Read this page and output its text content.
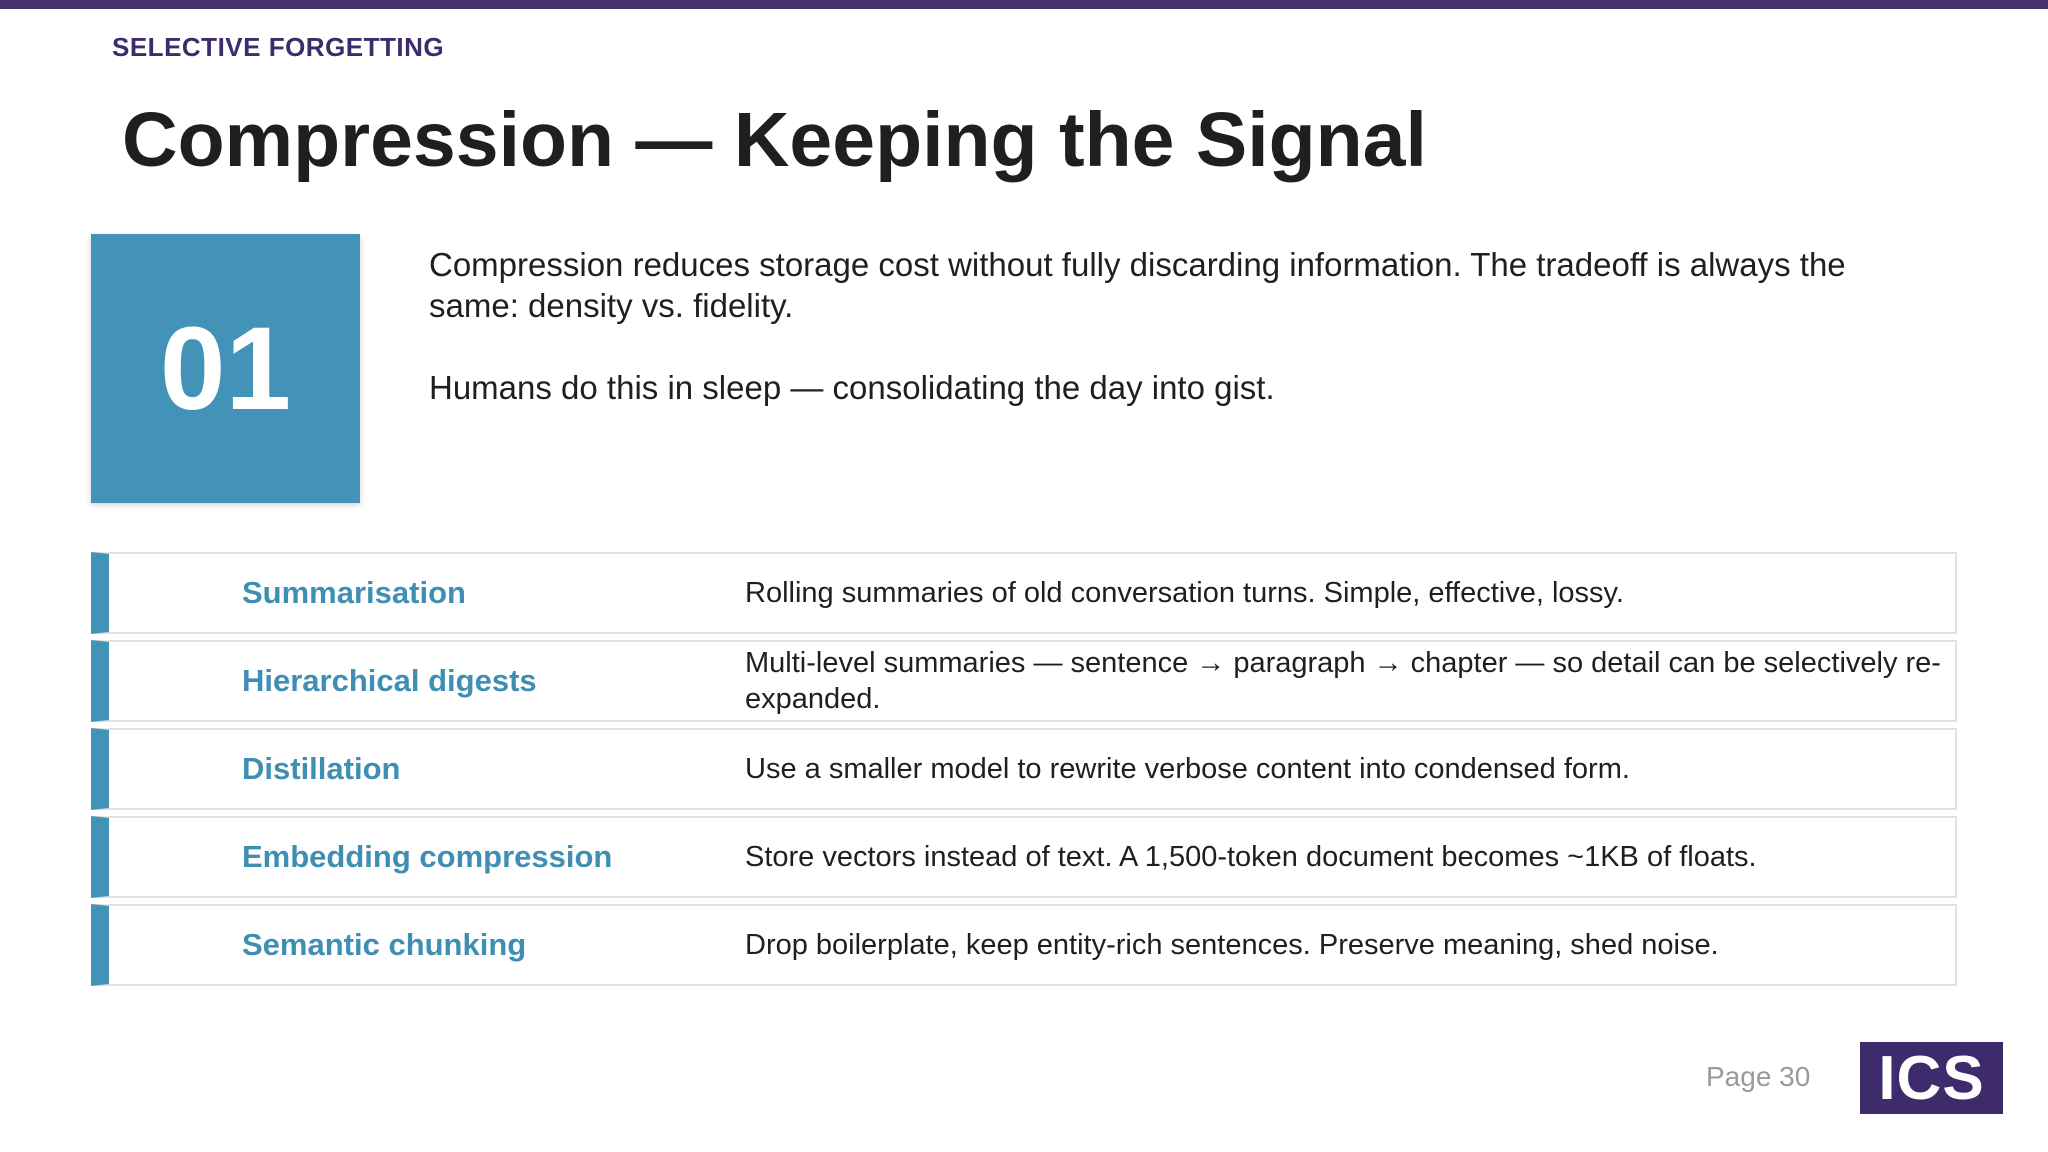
SELECTIVE FORGETTING
Compression — Keeping the Signal
01

Compression reduces storage cost without fully discarding information. The tradeoff is always the same: density vs. fidelity.

Humans do this in sleep — consolidating the day into gist.

Summarisation	Rolling summaries of old conversation turns. Simple, effective, lossy.
Hierarchical digests	Multi-level summaries — sentence → paragraph → chapter — so detail can be selectively re-expanded.
Distillation	Use a smaller model to rewrite verbose content into condensed form.
Embedding compression	Store vectors instead of text. A 1,500-token document becomes ~1KB of floats.
Semantic chunking	Drop boilerplate, keep entity-rich sentences. Preserve meaning, shed noise.
Page 30 ICS
